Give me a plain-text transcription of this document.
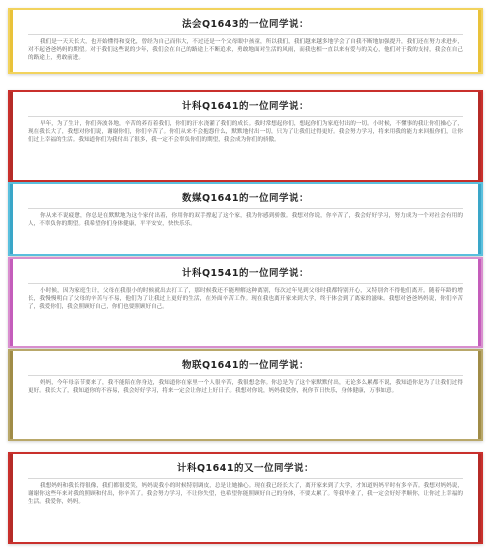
法会Q1643的一位同学说：

我们是一天天长大，也开始懂得和变化，曾经为自己而伟大，不过还是一个父母眼中孩童，所以我们，我们越来越多地学会了自我不断地加强提升，我们还在努力求进步，对不起爸爸妈妈的期望。对于我们这些说的少年，我们会在自己的路途上不断追求，勇敢地面对生活的风雨，而我也相一直以来有爱与的关心，他们对于我的支持，我会在自己的路途上，勇敢前进。

计科Q1641的一位同学说：

早年，为了生计，你们奔波各地，辛苦的养育着我们，你们的汗水浇灌了我们的成长。我时常想起你们，想起你们为家庭付出的一切。小时候，不懂事的我让你们操心了，现在我长大了，我想对你们说，谢谢你们，你们辛苦了。你们从来不会抱怨什么，默默地付出一切，只为了让我们过得更好。我会努力学习，将来用我的能力来回报你们，让你们过上幸福的生活。我知道你们为我付出了很多，我一定不会辜负你们的期望，我会成为你们的骄傲。

数媒Q1641的一位同学说：

你从来不说疲惫，你总是在默默地为这个家付出着，你用你的双手撑起了这个家，我为你感到骄傲。我想对你说，你辛苦了，我会好好学习，努力成为一个对社会有用的人，不辜负你的期望。我希望你们身体健康，平平安安，快快乐乐。

计科Q1541的一位同学说：

小时候，因为家庭生计，父母在我很小的时候就出去打工了，那时候我还不能理解这种离别，每次过年见到父母时我都特别开心，又特别舍不得他们离开。随着年龄的增长，我慢慢明白了父母的辛苦与不易，他们为了让我过上更好的生活，在外面辛苦工作。现在我也离开家来到大学，终于体会到了离家的滋味。我想对爸爸妈妈说，你们辛苦了，我爱你们，我会照顾好自己，你们也要照顾好自己。

物联Q1641的一位同学说：

妈妈，今年母亲节要来了，我不能陪在你身边，我知道你在家里一个人很辛苦，我很想念你。你总是为了这个家默默付出，无论多么累都不说，我知道你是为了让我们过得更好。我长大了，我知道你的不容易，我会好好学习，将来一定会让你过上好日子。我想对你说，妈妈我爱你，祝你节日快乐，身体健康，万事如意。

计科Q1641的又一位同学说：

我想妈妈和我长得很像，我们都很爱笑，妈妈说我小的时候特别调皮，总是让她操心。现在我已经长大了，离开家来到了大学，才知道妈妈平时有多辛苦。我想对妈妈说，谢谢你这些年来对我的照顾和付出，你辛苦了。我会努力学习，不让你失望，也希望你能照顾好自己的身体，不要太累了。等我毕业了，我一定会好好孝顺你，让你过上幸福的生活。我爱你，妈妈。
